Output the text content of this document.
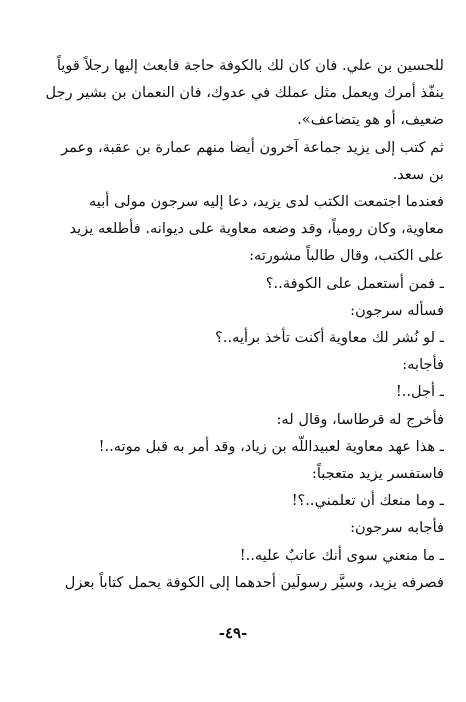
للحسين بن علي. فان كان لك بالكوفة حاجة فابعث إليها رجلاً قوياً
ينفّذ أمرك ويعمل مثل عملك في عدوك، فان النعمان بن بشير رجل
ضعيف، أو هو يتضاعف».
ثم كتب إلى يزيد جماعة آخرون أيضا منهم عمارة بن عقبة، وعمر
بن سعد.
فعندما اجتمعت الكتب لدى يزيد، دعا إليه سرجون مولى أبيه
معاوية، وكان رومياً، وقد وضعه معاوية على ديوانه. فأطلعه يزيد
على الكتب، وقال طالباً مشورته:
ـ فمن أستعمل على الكوفة..؟
فسأله سرجون:
ـ لو نُشر لك معاوية أكنت تأخذ برأيه..؟
فأجابه:
ـ أجل..!
فأخرج له قرطاسا، وقال له:
ـ هذا عهد معاوية لعبيداللّه بن زياد، وقد أمر به قبل موته..!
فاستفسر يزيد متعجباً:
ـ وما منعك أن تعلمني..؟!
فأجابه سرجون:
ـ ما منعني سوى أنك عاتبٌ عليه..!
فصرفه يزيد، وسيَّر رسولَين أحدهما إلى الكوفة يحمل كتاباً بعزل
-٤٩-
